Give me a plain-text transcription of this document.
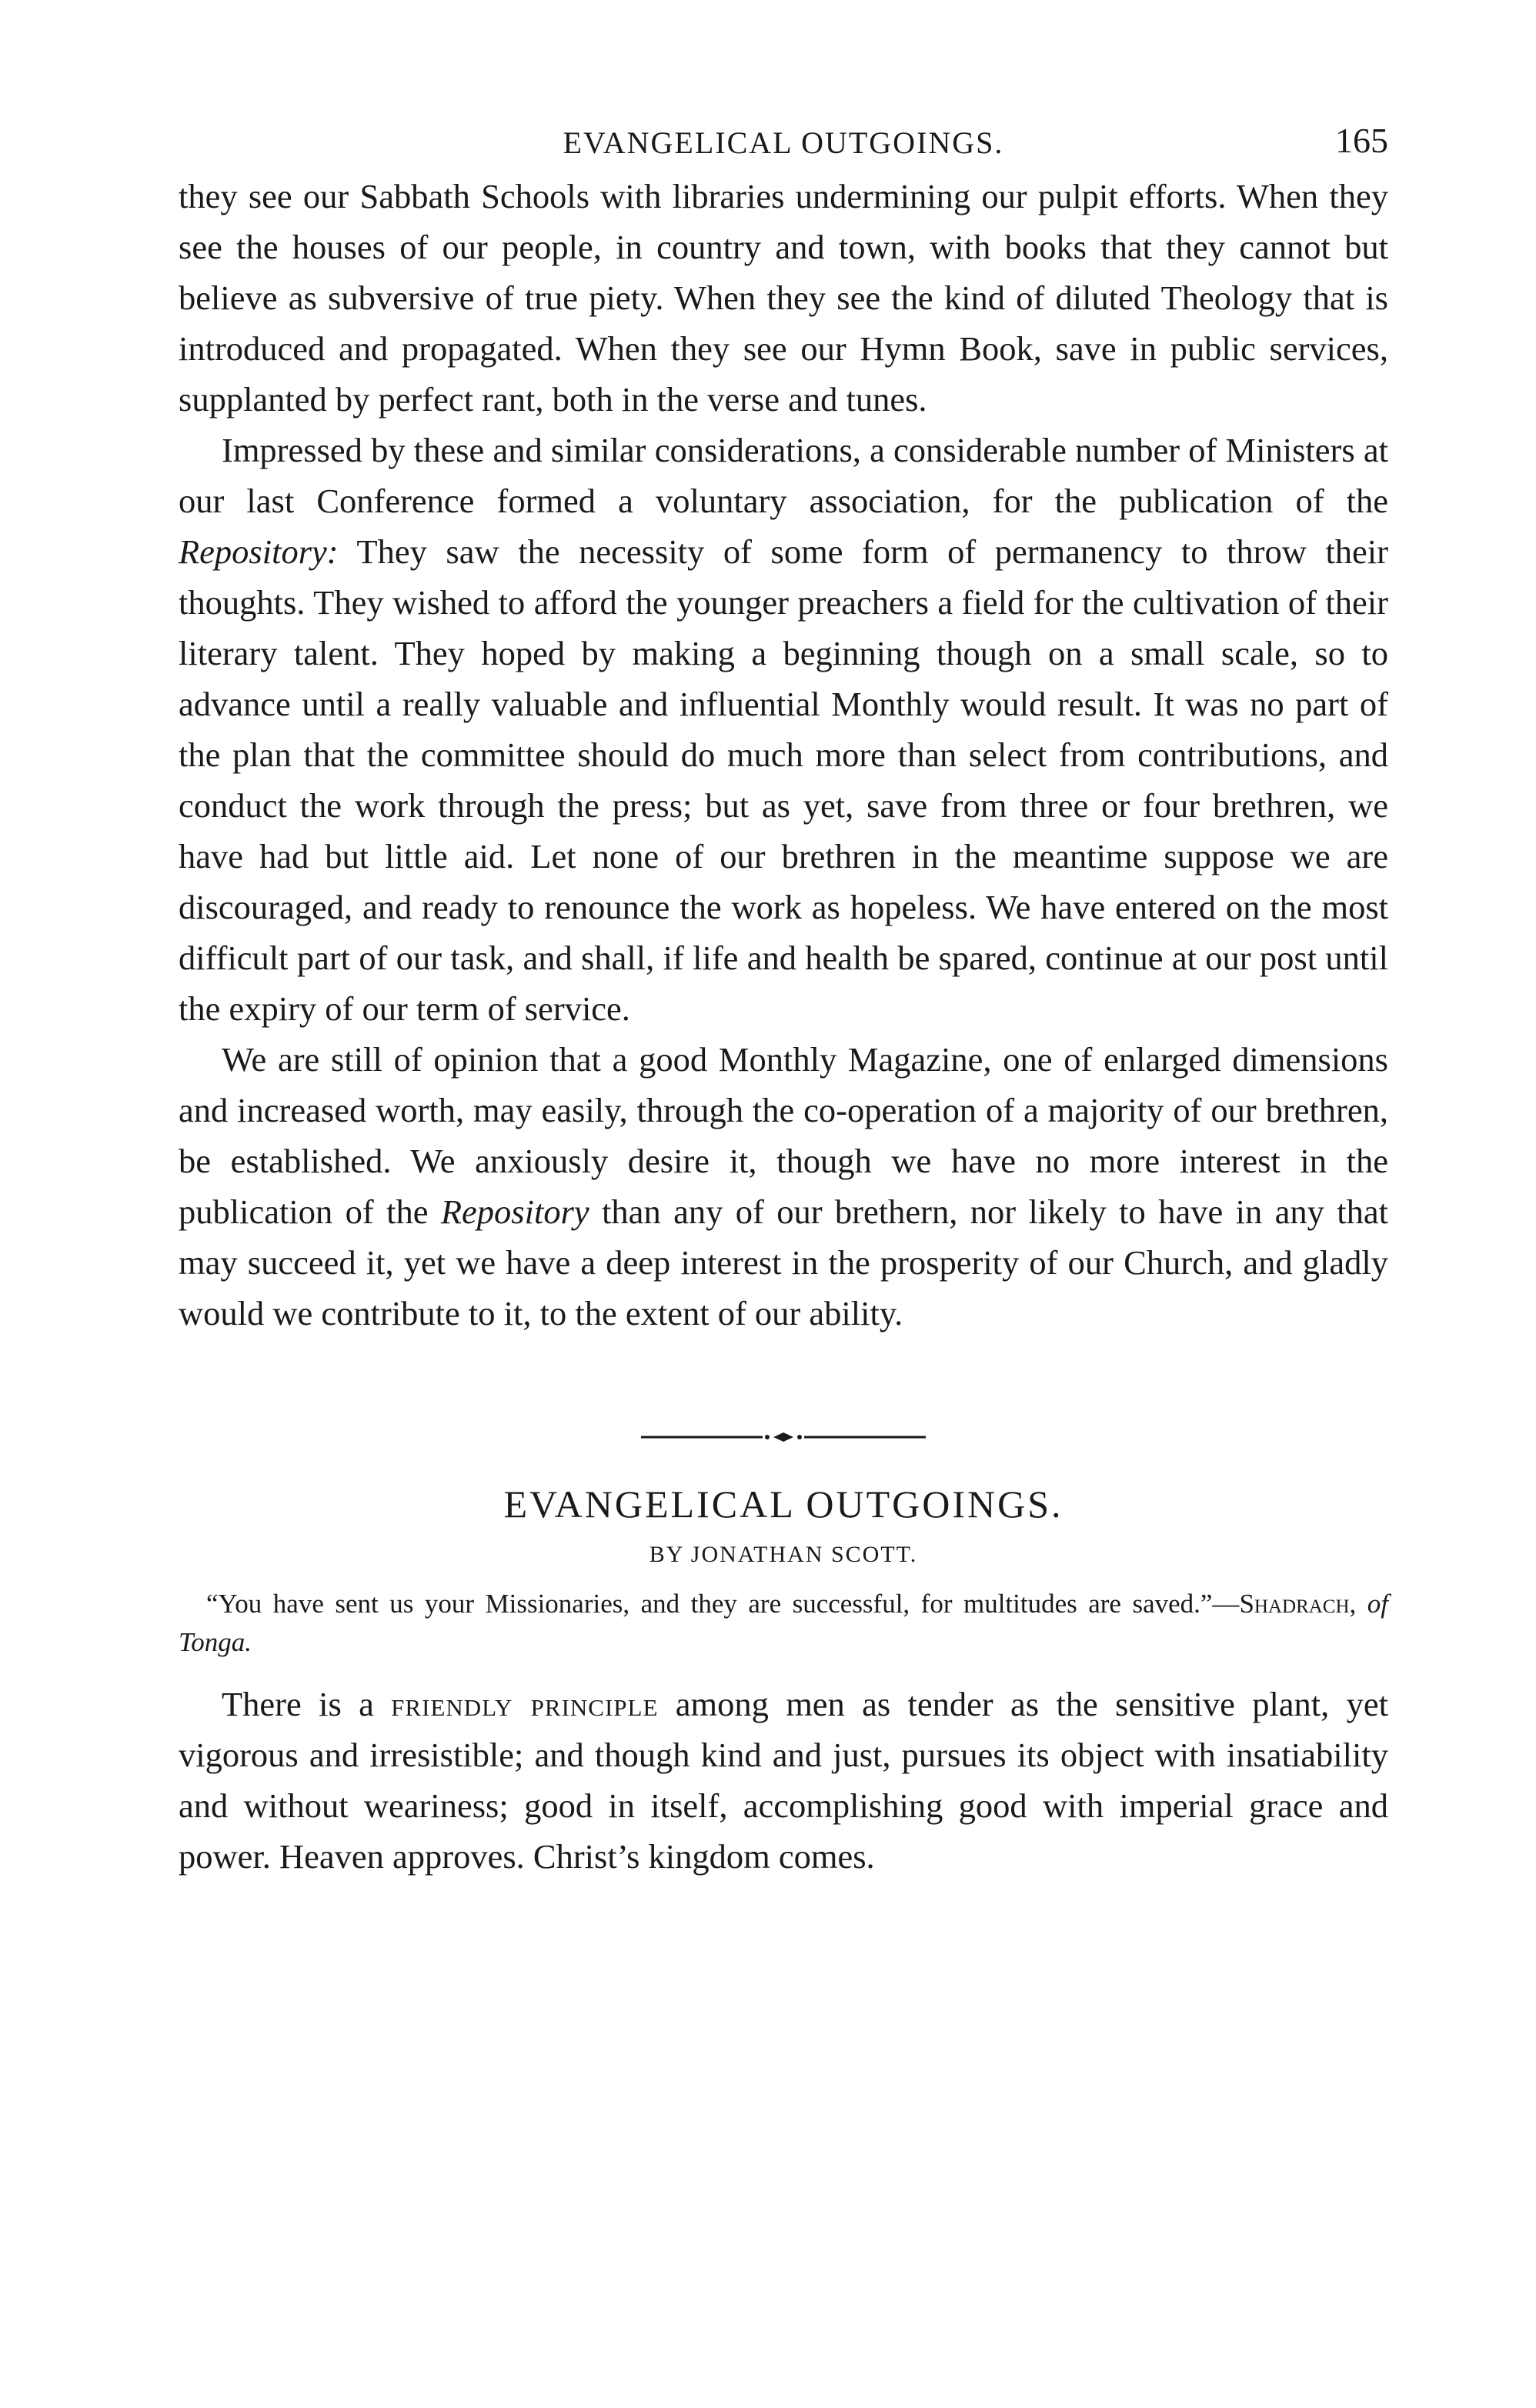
EVANGELICAL OUTGOINGS.	165

they see our Sabbath Schools with libraries undermining our pulpit efforts. When they see the houses of our people, in country and town, with books that they cannot but believe as subversive of true piety. When they see the kind of diluted Theology that is introduced and propagated. When they see our Hymn Book, save in public services, supplanted by perfect rant, both in the verse and tunes.

Impressed by these and similar considerations, a considerable number of Ministers at our last Conference formed a voluntary association, for the publication of the Repository: They saw the necessity of some form of permanency to throw their thoughts. They wished to afford the younger preachers a field for the cultivation of their literary talent. They hoped by making a beginning though on a small scale, so to advance until a really valuable and influential Monthly would result. It was no part of the plan that the committee should do much more than select from contributions, and conduct the work through the press; but as yet, save from three or four brethren, we have had but little aid. Let none of our brethren in the meantime suppose we are discouraged, and ready to renounce the work as hopeless. We have entered on the most difficult part of our task, and shall, if life and health be spared, continue at our post until the expiry of our term of service.

We are still of opinion that a good Monthly Magazine, one of enlarged dimensions and increased worth, may easily, through the co-operation of a majority of our brethren, be established. We anxiously desire it, though we have no more interest in the publication of the Repository than any of our brethern, nor likely to have in any that may succeed it, yet we have a deep interest in the prosperity of our Church, and gladly would we contribute to it, to the extent of our ability.

EVANGELICAL OUTGOINGS.
BY JONATHAN SCOTT.

“You have sent us your Missionaries, and they are successful, for multitudes are saved.”—Shadrach, of Tonga.

There is a friendly principle among men as tender as the sensitive plant, yet vigorous and irresistible; and though kind and just, pursues its object with insatiability and without weariness; good in itself, accomplishing good with imperial grace and power. Heaven approves. Christ’s kingdom comes.
